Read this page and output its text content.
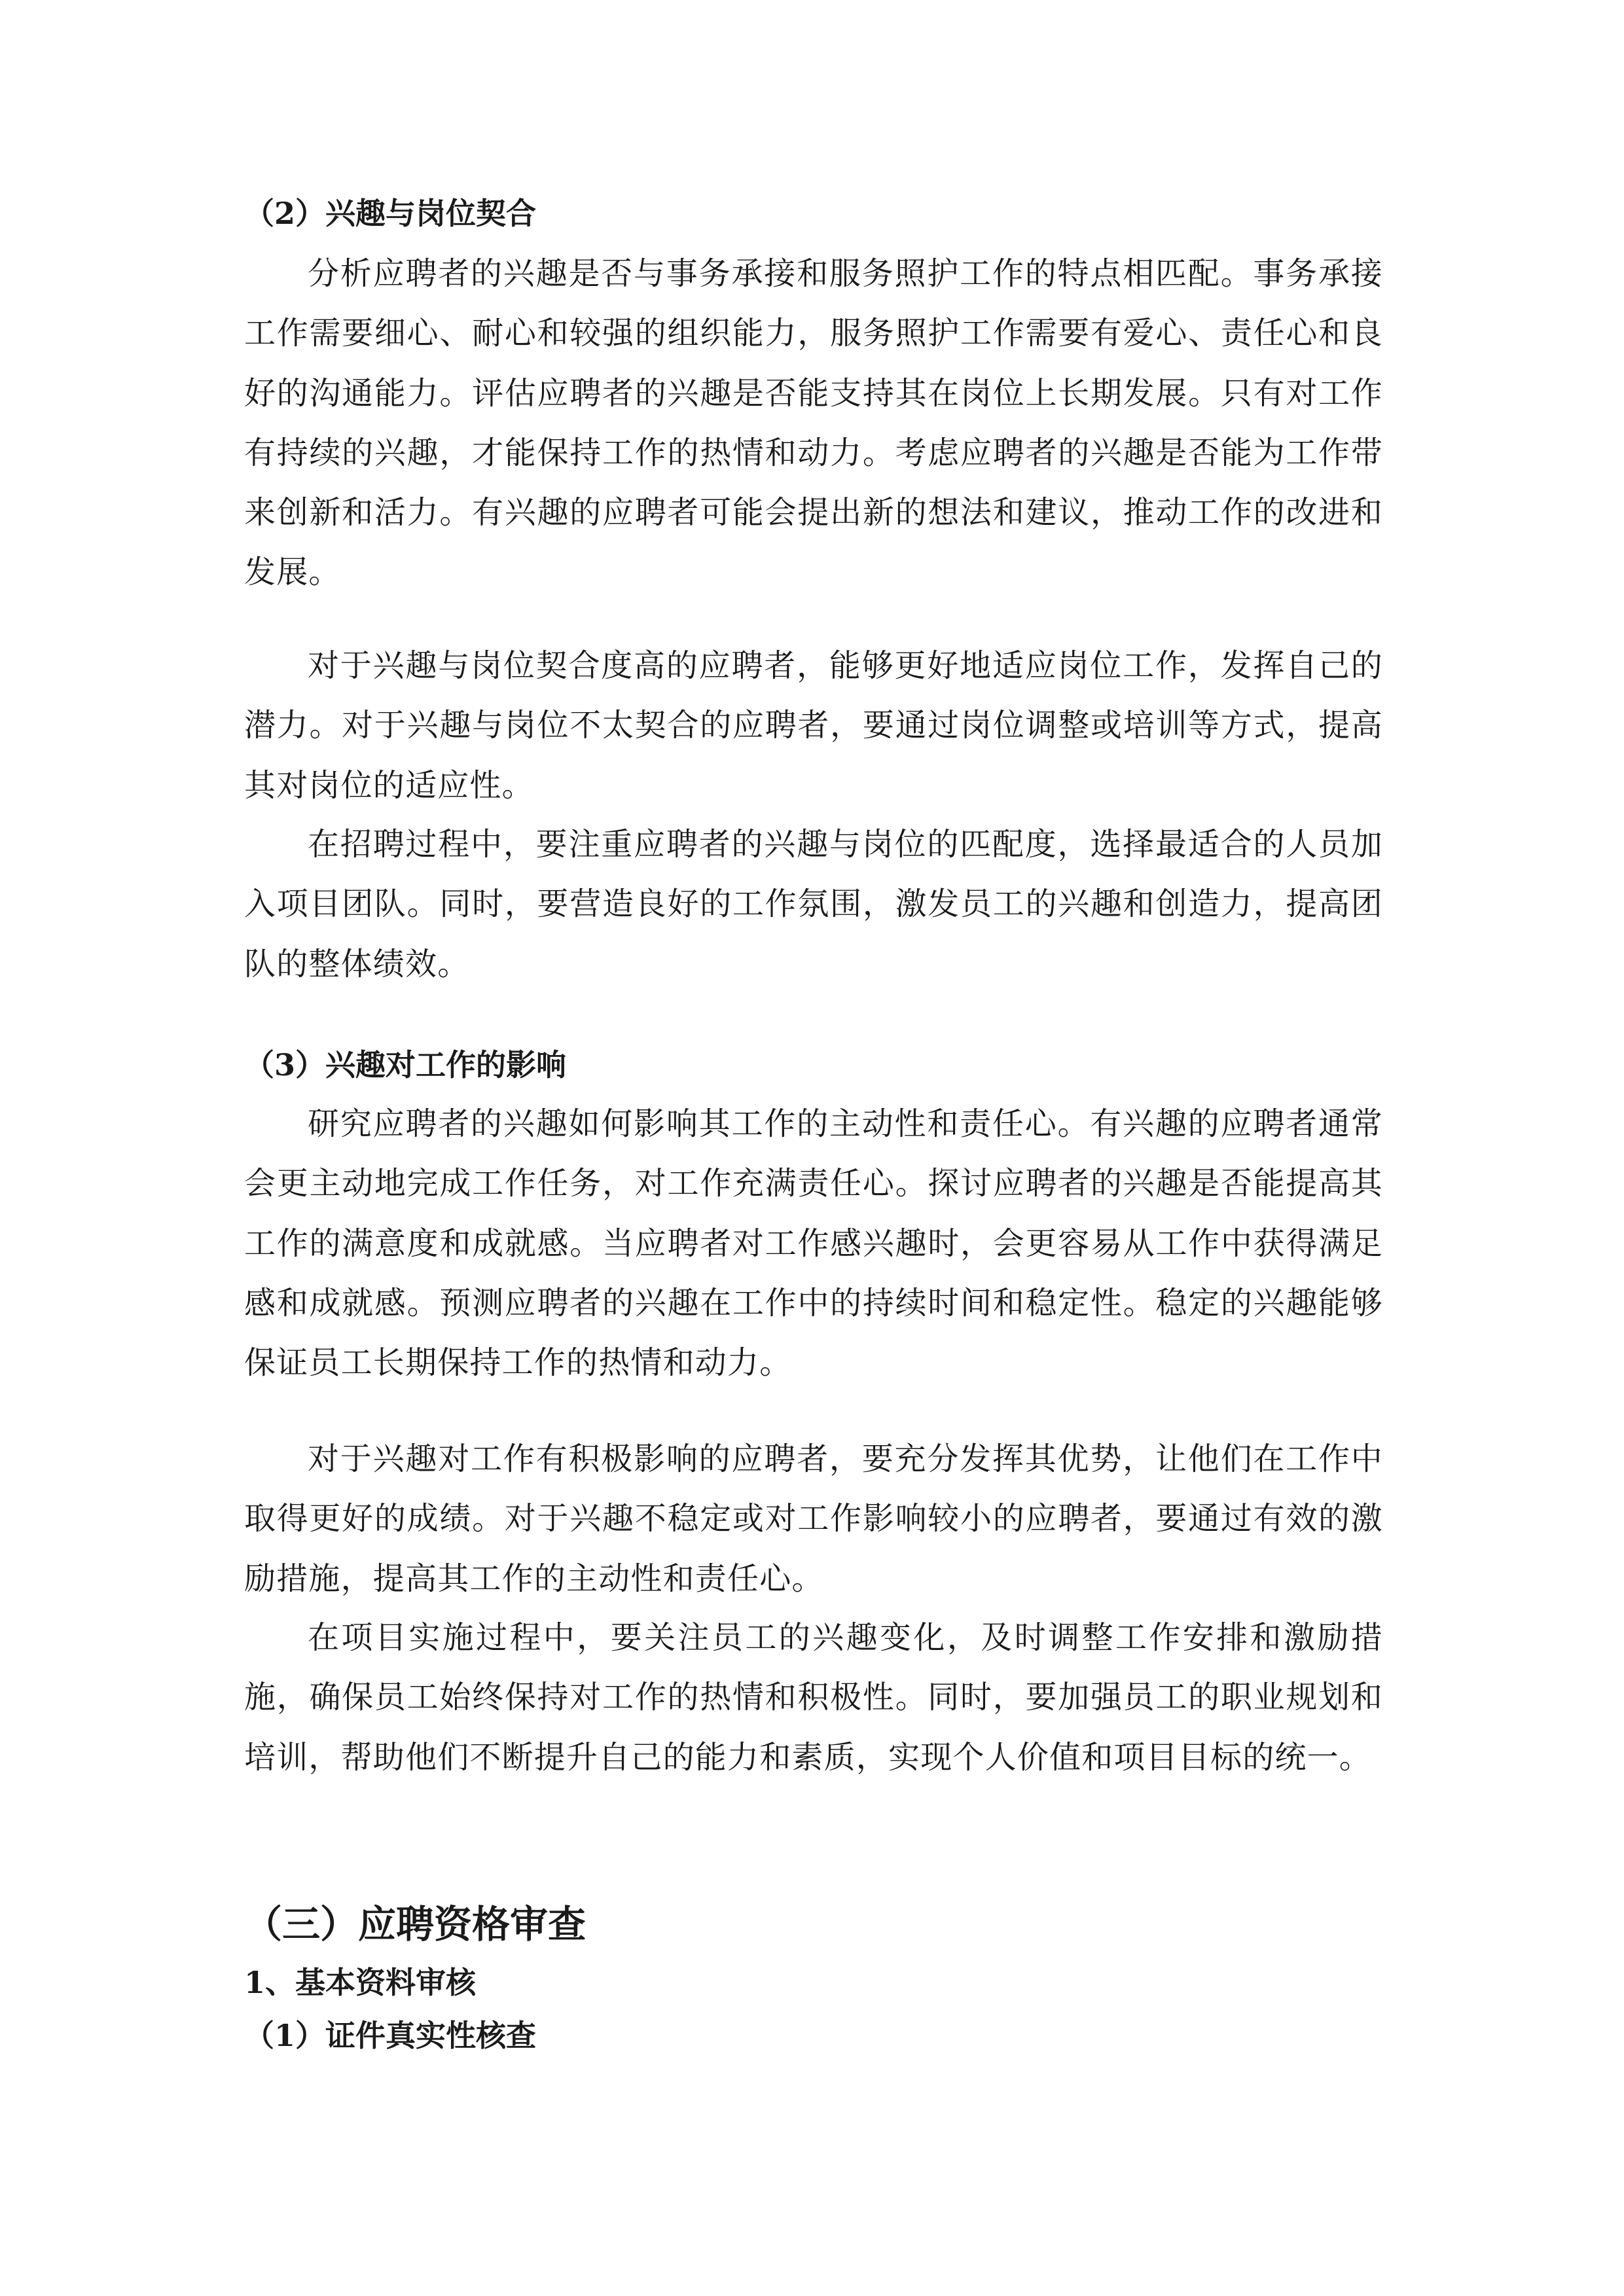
（2）兴趣与岗位契合

分析应聘者的兴趣是否与事务承接和服务照护工作的特点相匹配。事务承接工作需要细心、耐心和较强的组织能力，服务照护工作需要有爱心、责任心和良好的沟通能力。评估应聘者的兴趣是否能支持其在岗位上长期发展。只有对工作有持续的兴趣，才能保持工作的热情和动力。考虑应聘者的兴趣是否能为工作带来创新和活力。有兴趣的应聘者可能会提出新的想法和建议，推动工作的改进和发展。

对于兴趣与岗位契合度高的应聘者，能够更好地适应岗位工作，发挥自己的潜力。对于兴趣与岗位不太契合的应聘者，要通过岗位调整或培训等方式，提高其对岗位的适应性。

在招聘过程中，要注重应聘者的兴趣与岗位的匹配度，选择最适合的人员加入项目团队。同时，要营造良好的工作氛围，激发员工的兴趣和创造力，提高团队的整体绩效。

（3）兴趣对工作的影响

研究应聘者的兴趣如何影响其工作的主动性和责任心。有兴趣的应聘者通常会更主动地完成工作任务，对工作充满责任心。探讨应聘者的兴趣是否能提高其工作的满意度和成就感。当应聘者对工作感兴趣时，会更容易从工作中获得满足感和成就感。预测应聘者的兴趣在工作中的持续时间和稳定性。稳定的兴趣能够保证员工长期保持工作的热情和动力。

对于兴趣对工作有积极影响的应聘者，要充分发挥其优势，让他们在工作中取得更好的成绩。对于兴趣不稳定或对工作影响较小的应聘者，要通过有效的激励措施，提高其工作的主动性和责任心。

在项目实施过程中，要关注员工的兴趣变化，及时调整工作安排和激励措施，确保员工始终保持对工作的热情和积极性。同时，要加强员工的职业规划和培训，帮助他们不断提升自己的能力和素质，实现个人价值和项目目标的统一。

（三）应聘资格审查
1、基本资料审核
（1）证件真实性核查
